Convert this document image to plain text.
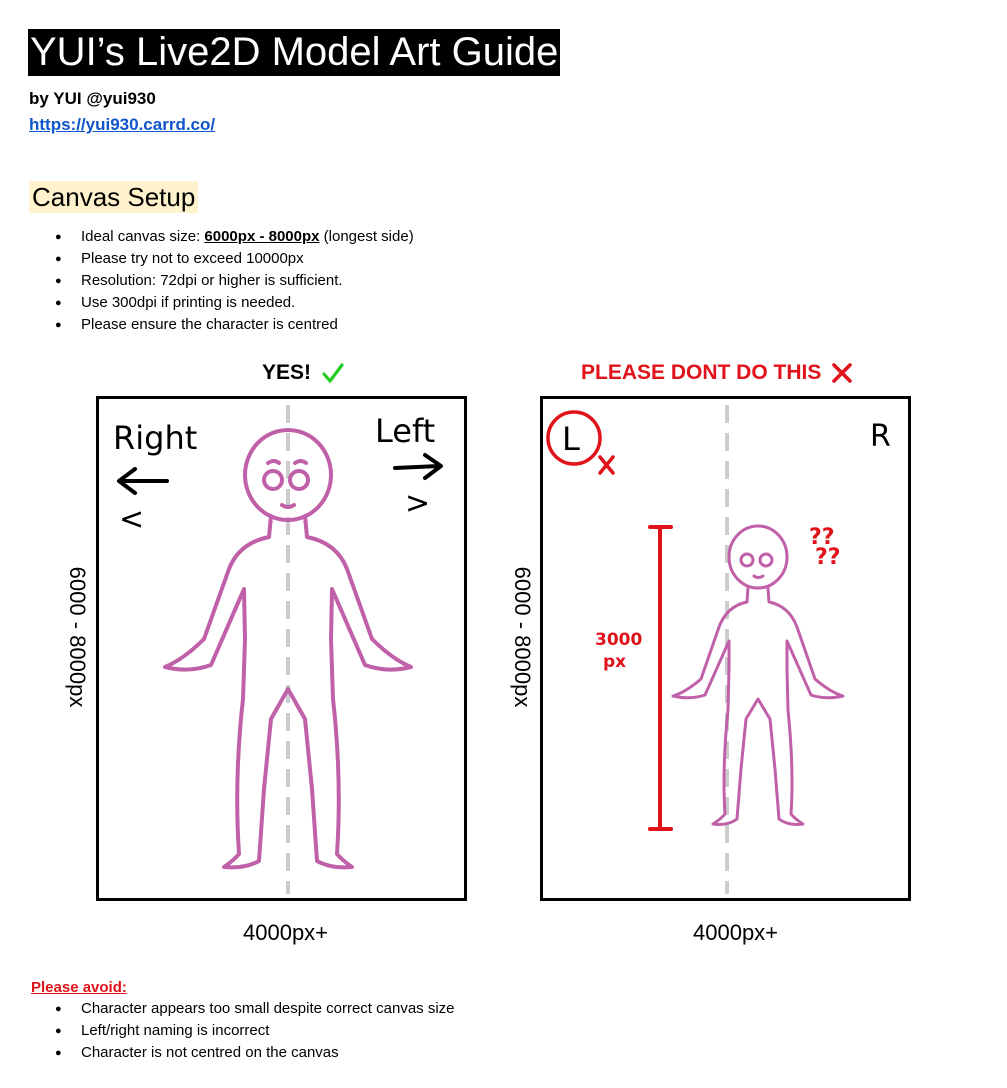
YUI’s Live2D Model Art Guide
by YUI @yui930
https://yui930.carrd.co/
Canvas Setup
● Ideal canvas size: 6000px - 8000px (longest side)
● Please try not to exceed 10000px
● Resolution: 72dpi or higher is sufficient.
● Use 300dpi if printing is needed.
● Please ensure the character is centred
YES!
Right	Left
<	>
6000 - 8000px
4000px+
PLEASE DONT DO THIS
L	R
3000
px
??
??
6000 - 8000px
4000px+
Please avoid:
● Character appears too small despite correct canvas size
● Left/right naming is incorrect
● Character is not centred on the canvas
